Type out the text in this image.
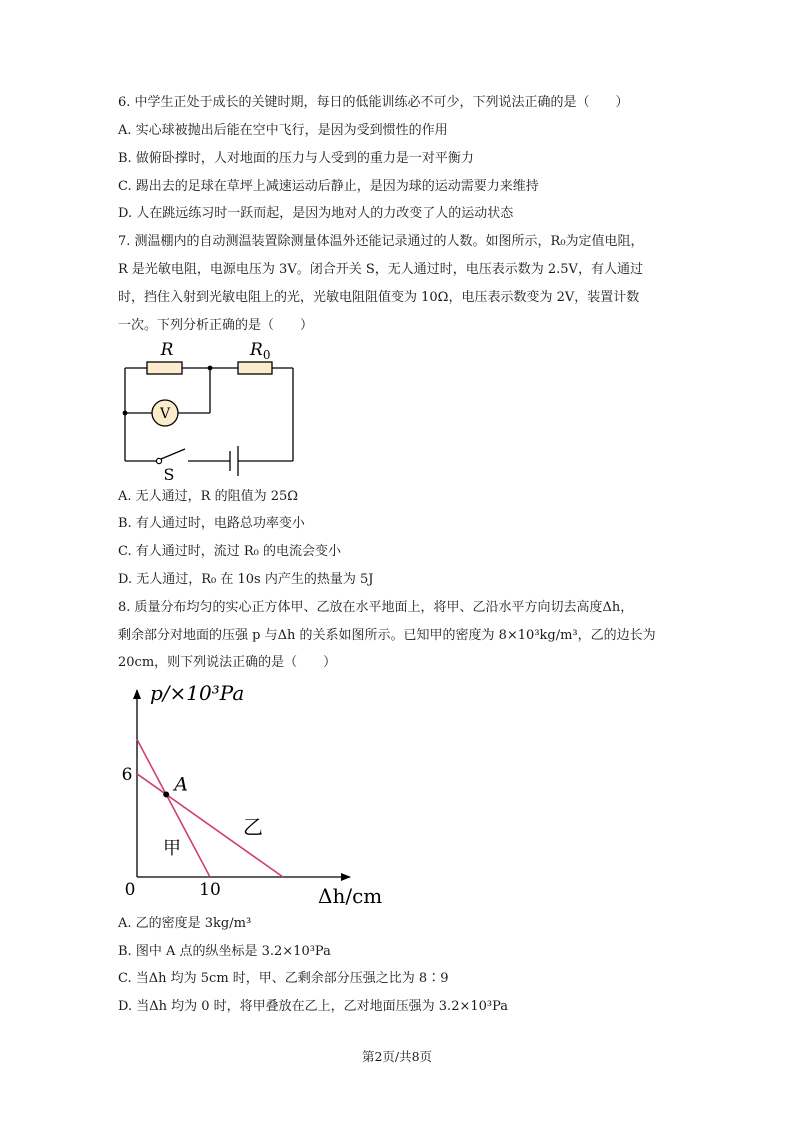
6. 中学生正处于成长的关键时期，每日的低能训练必不可少，下列说法正确的是（　　）
A. 实心球被抛出后能在空中飞行，是因为受到惯性的作用
B. 做俯卧撑时，人对地面的压力与人受到的重力是一对平衡力
C. 踢出去的足球在草坪上减速运动后静止，是因为球的运动需要力来维持
D. 人在跳远练习时一跃而起，是因为地对人的力改变了人的运动状态
7. 测温棚内的自动测温装置除测量体温外还能记录通过的人数。如图所示，R₀为定值电阻，
R 是光敏电阻，电源电压为 3V。闭合开关 S，无人通过时，电压表示数为 2.5V，有人通过
时，挡住入射到光敏电阻上的光，光敏电阻阻值变为 10Ω，电压表示数变为 2V，装置计数
一次。下列分析正确的是（　　）
V
S
R	$R_0$
A. 无人通过，R 的阻值为 25Ω
B. 有人通过时，电路总功率变小
C. 有人通过时，流过 R₀ 的电流会变小
D. 无人通过，R₀ 在 10s 内产生的热量为 5J
8. 质量分布均匀的实心正方体甲、乙放在水平地面上，将甲、乙沿水平方向切去高度Δh，
剩余部分对地面的压强 p 与Δh 的关系如图所示。已知甲的密度为 8×10³kg/m³，乙的边长为
20cm，则下列说法正确的是（　　）
p/×10³Pa
Δh/cm
0	10
6 A
甲
乙
A. 乙的密度是 3kg/m³
B. 图中 A 点的纵坐标是 3.2×10³Pa
C. 当Δh 均为 5cm 时，甲、乙剩余部分压强之比为 8∶9
D. 当Δh 均为 0 时，将甲叠放在乙上，乙对地面压强为 3.2×10³Pa
第2页/共8页
